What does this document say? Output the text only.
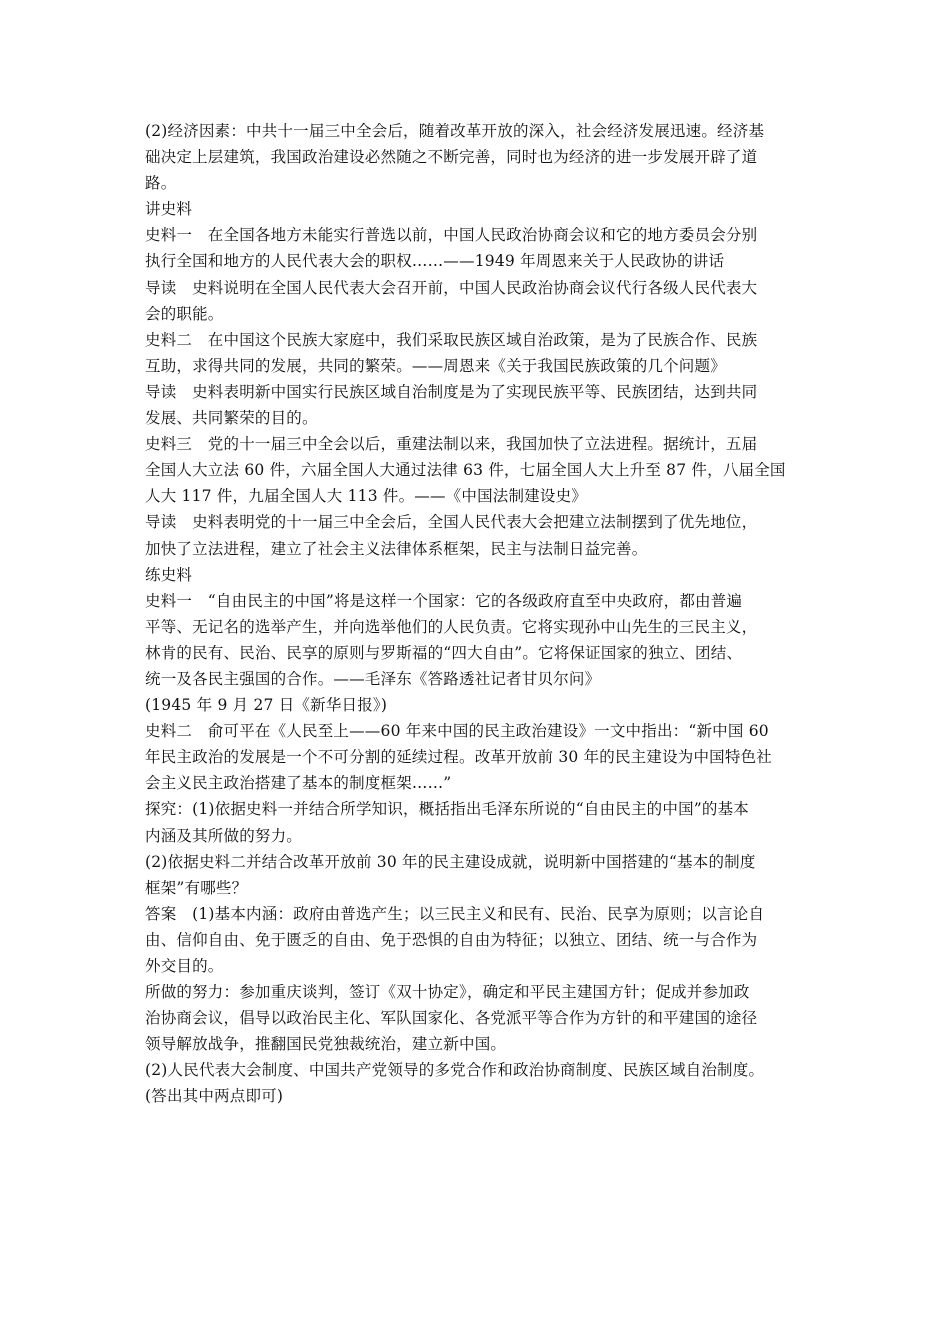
(2)经济因素：中共十一届三中全会后，随着改革开放的深入，社会经济发展迅速。经济基
础决定上层建筑，我国政治建设必然随之不断完善，同时也为经济的进一步发展开辟了道
路。
讲史料
史料一　在全国各地方未能实行普选以前，中国人民政治协商会议和它的地方委员会分别
执行全国和地方的人民代表大会的职权……——1949 年周恩来关于人民政协的讲话
导读　史料说明在全国人民代表大会召开前，中国人民政治协商会议代行各级人民代表大
会的职能。
史料二　在中国这个民族大家庭中，我们采取民族区域自治政策，是为了民族合作、民族
互助，求得共同的发展，共同的繁荣。——周恩来《关于我国民族政策的几个问题》
导读　史料表明新中国实行民族区域自治制度是为了实现民族平等、民族团结，达到共同
发展、共同繁荣的目的。
史料三　党的十一届三中全会以后，重建法制以来，我国加快了立法进程。据统计，五届
全国人大立法 60 件，六届全国人大通过法律 63 件，七届全国人大上升至 87 件，八届全国
人大 117 件，九届全国人大 113 件。——《中国法制建设史》
导读　史料表明党的十一届三中全会后，全国人民代表大会把建立法制摆到了优先地位，
加快了立法进程，建立了社会主义法律体系框架，民主与法制日益完善。
练史料
史料一　“自由民主的中国”将是这样一个国家：它的各级政府直至中央政府，都由普遍
平等、无记名的选举产生，并向选举他们的人民负责。它将实现孙中山先生的三民主义，
林肯的民有、民治、民享的原则与罗斯福的“四大自由”。它将保证国家的独立、团结、
统一及各民主强国的合作。——毛泽东《答路透社记者甘贝尔问》
(1945 年 9 月 27 日《新华日报》)
史料二　俞可平在《人民至上——60 年来中国的民主政治建设》一文中指出：“新中国 60
年民主政治的发展是一个不可分割的延续过程。改革开放前 30 年的民主建设为中国特色社
会主义民主政治搭建了基本的制度框架……”
探究：(1)依据史料一并结合所学知识，概括指出毛泽东所说的“自由民主的中国”的基本
内涵及其所做的努力。
(2)依据史料二并结合改革开放前 30 年的民主建设成就，说明新中国搭建的“基本的制度
框架”有哪些？
答案　(1)基本内涵：政府由普选产生；以三民主义和民有、民治、民享为原则；以言论自
由、信仰自由、免于匮乏的自由、免于恐惧的自由为特征；以独立、团结、统一与合作为
外交目的。
所做的努力：参加重庆谈判，签订《双十协定》，确定和平民主建国方针；促成并参加政
治协商会议，倡导以政治民主化、军队国家化、各党派平等合作为方针的和平建国的途径
领导解放战争，推翻国民党独裁统治，建立新中国。
(2)人民代表大会制度、中国共产党领导的多党合作和政治协商制度、民族区域自治制度。
(答出其中两点即可)
